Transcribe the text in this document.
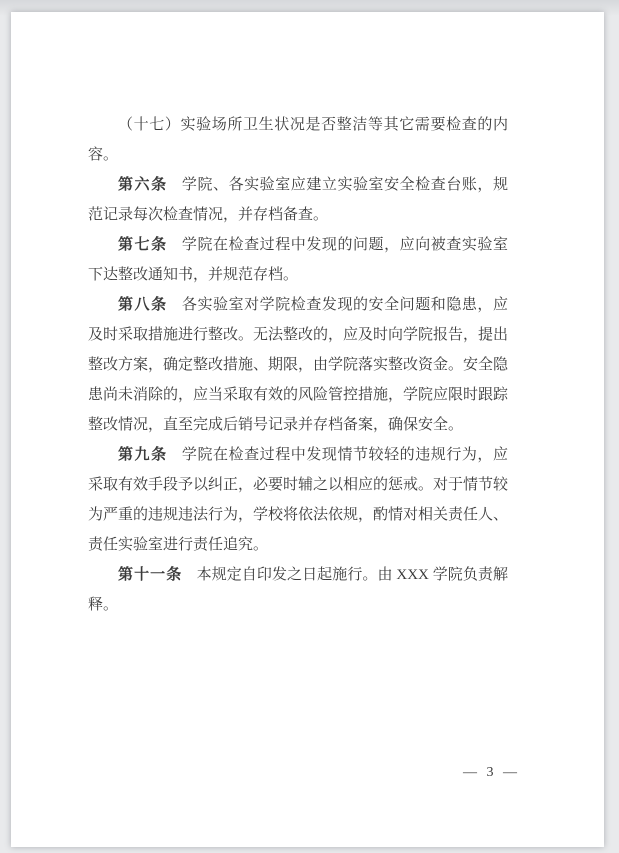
（十七）实验场所卫生状况是否整洁等其它需要检查的内容。

第六条 学院、各实验室应建立实验室安全检查台账，规范记录每次检查情况，并存档备查。

第七条 学院在检查过程中发现的问题，应向被查实验室下达整改通知书，并规范存档。

第八条 各实验室对学院检查发现的安全问题和隐患，应及时采取措施进行整改。无法整改的，应及时向学院报告，提出整改方案，确定整改措施、期限，由学院落实整改资金。安全隐患尚未消除的，应当采取有效的风险管控措施，学院应限时跟踪整改情况，直至完成后销号记录并存档备案，确保安全。

第九条 学院在检查过程中发现情节较轻的违规行为，应采取有效手段予以纠正，必要时辅之以相应的惩戒。对于情节较为严重的违规违法行为，学校将依法依规，酌情对相关责任人、责任实验室进行责任追究。

第十一条 本规定自印发之日起施行。由 XXX 学院负责解释。

— 3 —
